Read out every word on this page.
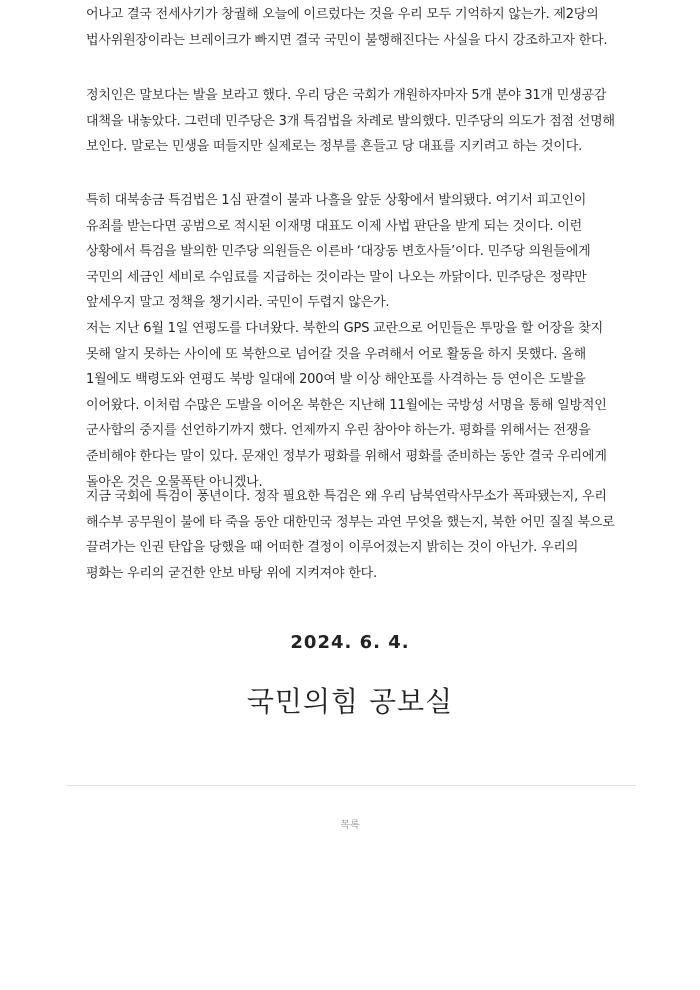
어나고 결국 전세사기가 창궐해 오늘에 이르렀다는 것을 우리 모두 기억하지 않는가. 제2당의 법사위원장이라는 브레이크가 빠지면 결국 국민이 불행해진다는 사실을 다시 강조하고자 한다.

정치인은 말보다는 발을 보라고 했다. 우리 당은 국회가 개원하자마자 5개 분야 31개 민생공감 대책을 내놓았다. 그런데 민주당은 3개 특검법을 차례로 발의했다. 민주당의 의도가 점점 선명해 보인다. 말로는 민생을 떠들지만 실제로는 정부를 흔들고 당 대표를 지키려고 하는 것이다.

특히 대북송금 특검법은 1심 판결이 불과 나흘을 앞둔 상황에서 발의됐다. 여기서 피고인이 유죄를 받는다면 공범으로 적시된 이재명 대표도 이제 사법 판단을 받게 되는 것이다. 이런 상황에서 특검을 발의한 민주당 의원들은 이른바 ‘대장동 변호사들’이다. 민주당 의원들에게 국민의 세금인 세비로 수임료를 지급하는 것이라는 말이 나오는 까닭이다. 민주당은 정략만 앞세우지 말고 정책을 챙기시라. 국민이 두렵지 않은가.

저는 지난 6월 1일 연평도를 다녀왔다. 북한의 GPS 교란으로 어민들은 투망을 할 어장을 찾지 못해 알지 못하는 사이에 또 북한으로 넘어갈 것을 우려해서 어로 활동을 하지 못했다. 올해 1월에도 백령도와 연평도 북방 일대에 200여 발 이상 해안포를 사격하는 등 연이은 도발을 이어왔다. 이처럼 수많은 도발을 이어온 북한은 지난해 11월에는 국방성 서명을 통해 일방적인 군사합의 중지를 선언하기까지 했다. 언제까지 우린 참아야 하는가. 평화를 위해서는 전쟁을 준비해야 한다는 말이 있다. 문재인 정부가 평화를 위해서 평화를 준비하는 동안 결국 우리에게 돌아온 것은 오물폭탄 아니겠나.

지금 국회에 특검이 풍년이다. 정작 필요한 특검은 왜 우리 남북연락사무소가 폭파됐는지, 우리 해수부 공무원이 불에 타 죽을 동안 대한민국 정부는 과연 무엇을 했는지, 북한 어민 질질 북으로 끌려가는 인권 탄압을 당했을 때 어떠한 결정이 이루어졌는지 밝히는 것이 아닌가. 우리의 평화는 우리의 굳건한 안보 바탕 위에 지켜져야 한다.

2024. 6. 4.
국민의힘 공보실
목록
